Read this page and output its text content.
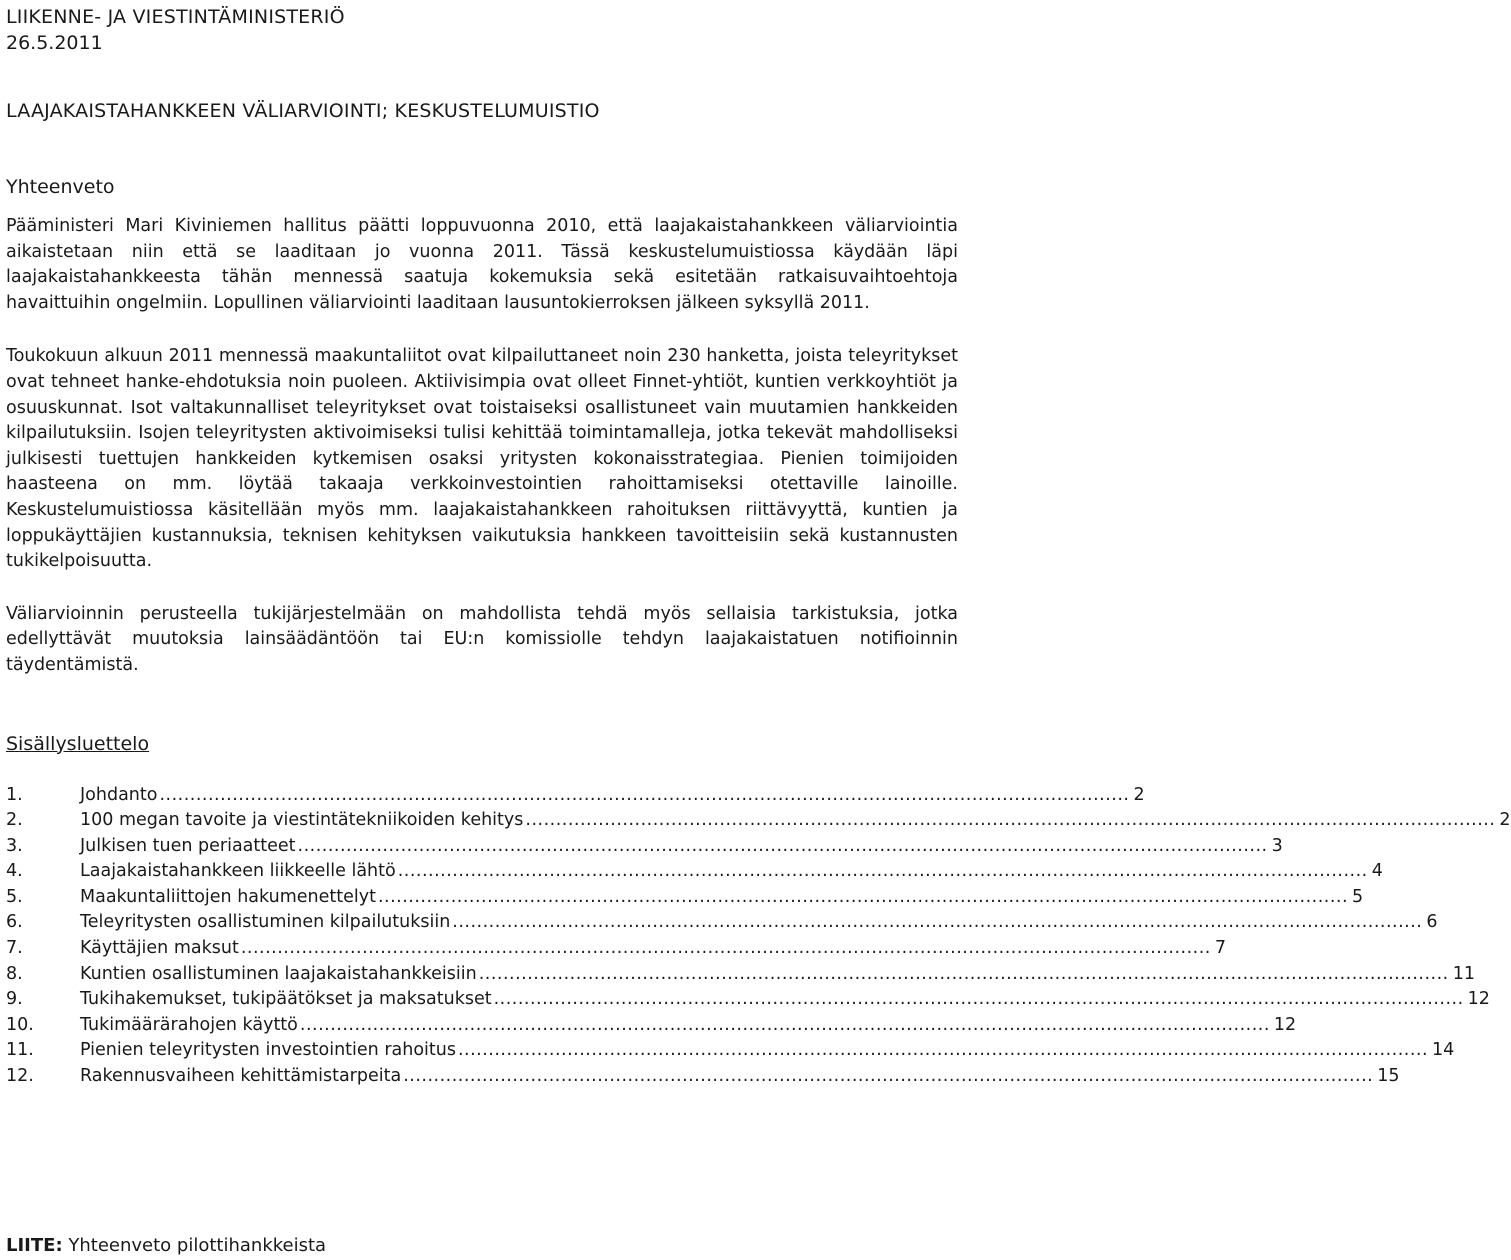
LIIKENNE- JA VIESTINTÄMINISTERIÖ

26.5.2011

LAAJAKAISTAHANKKEEN VÄLIARVIOINTI; KESKUSTELUMUISTIO
Yhteenveto

Pääministeri Mari Kiviniemen hallitus päätti loppuvuonna 2010, että laajakaistahankkeen väliarviointia aikaistetaan niin että se laaditaan jo vuonna 2011. Tässä keskustelumuistiossa käydään läpi laajakaistahankkeesta tähän mennessä saatuja kokemuksia sekä esitetään ratkaisuvaihtoehtoja havaittuihin ongelmiin. Lopullinen väliarviointi laaditaan lausuntokierroksen jälkeen syksyllä 2011.

Toukokuun alkuun 2011 mennessä maakuntaliitot ovat kilpailuttaneet noin 230 hanketta, joista teleyritykset ovat tehneet hanke-ehdotuksia noin puoleen. Aktiivisimpia ovat olleet Finnet-yhtiöt, kuntien verkkoyhtiöt ja osuuskunnat. Isot valtakunnalliset teleyritykset ovat toistaiseksi osallistuneet vain muutamien hankkeiden kilpailutuksiin. Isojen teleyritysten aktivoimiseksi tulisi kehittää toimintamalleja, jotka tekevät mahdolliseksi julkisesti tuettujen hankkeiden kytkemisen osaksi yritysten kokonaisstrategiaa. Pienien toimijoiden haasteena on mm. löytää takaaja verkkoinvestointien rahoittamiseksi otettaville lainoille. Keskustelumuistiossa käsitellään myös mm. laajakaistahankkeen rahoituksen riittävyyttä, kuntien ja loppukäyttäjien kustannuksia, teknisen kehityksen vaikutuksia hankkeen tavoitteisiin sekä kustannusten tukikelpoisuutta.

Väliarvioinnin perusteella tukijärjestelmään on mahdollista tehdä myös sellaisia tarkistuksia, jotka edellyttävät muutoksia lainsäädäntöön tai EU:n komissiolle tehdyn laajakaistatuen notifioinnin täydentämistä.

Sisällysluettelo
1.	Johdanto ................................................................................................................................................................ 2
2.	100 megan tavoite ja viestintätekniikoiden kehitys ................................................................................................................................................................ 2
3.	Julkisen tuen periaatteet ................................................................................................................................................................ 3
4.	Laajakaistahankkeen liikkeelle lähtö ................................................................................................................................................................ 4
5.	Maakuntaliittojen hakumenettelyt ................................................................................................................................................................ 5
6.	Teleyritysten osallistuminen kilpailutuksiin ................................................................................................................................................................ 6
7.	Käyttäjien maksut ................................................................................................................................................................ 7
8.	Kuntien osallistuminen laajakaistahankkeisiin ................................................................................................................................................................ 11
9.	Tukihakemukset, tukipäätökset ja maksatukset ................................................................................................................................................................ 12
10.	Tukimäärärahojen käyttö ................................................................................................................................................................ 12
11.	Pienien teleyritysten investointien rahoitus ................................................................................................................................................................ 14
12.	Rakennusvaiheen kehittämistarpeita ................................................................................................................................................................ 15

LIITE: Yhteenveto pilottihankkeista
